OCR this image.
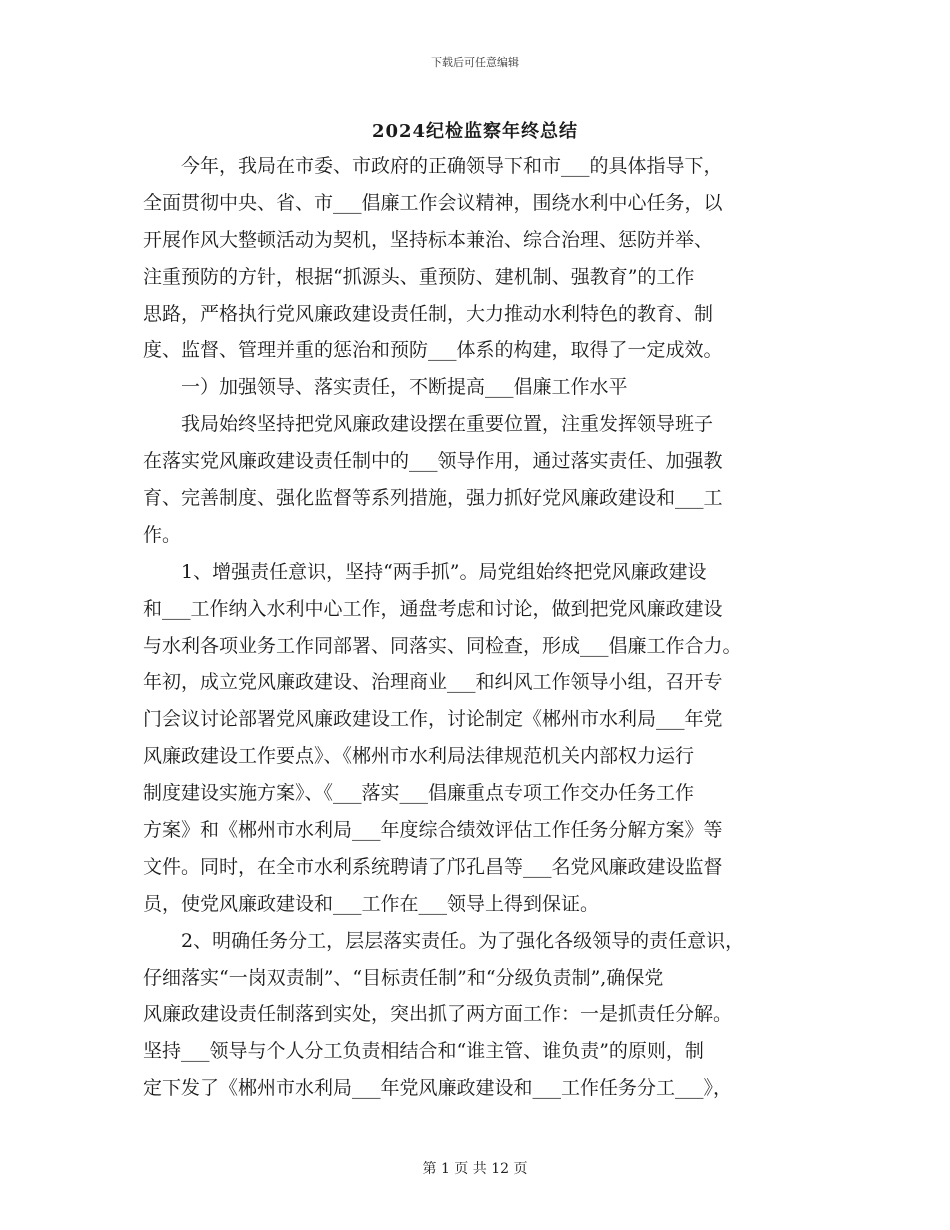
下载后可任意编辑
2024纪检监察年终总结
今年，我局在市委、市政府的正确领导下和市___的具体指导下，
全面贯彻中央、省、市___倡廉工作会议精神，围绕水利中心任务，以
开展作风大整顿活动为契机，坚持标本兼治、综合治理、惩防并举、
注重预防的方针，根据“抓源头、重预防、建机制、强教育”的工作
思路，严格执行党风廉政建设责任制，大力推动水利特色的教育、制
度、监督、管理并重的惩治和预防___体系的构建，取得了一定成效。
一）加强领导、落实责任，不断提高___倡廉工作水平
我局始终坚持把党风廉政建设摆在重要位置，注重发挥领导班子
在落实党风廉政建设责任制中的___领导作用，通过落实责任、加强教
育、完善制度、强化监督等系列措施，强力抓好党风廉政建设和___工
作。
1、增强责任意识，坚持“两手抓”。局党组始终把党风廉政建设
和___工作纳入水利中心工作，通盘考虑和讨论，做到把党风廉政建设
与水利各项业务工作同部署、同落实、同检查，形成___倡廉工作合力。
年初，成立党风廉政建设、治理商业___和纠风工作领导小组，召开专
门会议讨论部署党风廉政建设工作，讨论制定《郴州市水利局___年党
风廉政建设工作要点》、《郴州市水利局法律规范机关内部权力运行
制度建设实施方案》、《___落实___倡廉重点专项工作交办任务工作
方案》和《郴州市水利局___年度综合绩效评估工作任务分解方案》等
文件。同时，在全市水利系统聘请了邝孔昌等___名党风廉政建设监督
员，使党风廉政建设和___工作在___领导上得到保证。
2、明确任务分工，层层落实责任。为了强化各级领导的责任意识，
仔细落实“一岗双责制”、“目标责任制”和“分级负责制”,确保党
风廉政建设责任制落到实处，突出抓了两方面工作：一是抓责任分解。
坚持___领导与个人分工负责相结合和“谁主管、谁负责”的原则，制
定下发了《郴州市水利局___年党风廉政建设和___工作任务分工___》，
第 1 页 共 12 页
